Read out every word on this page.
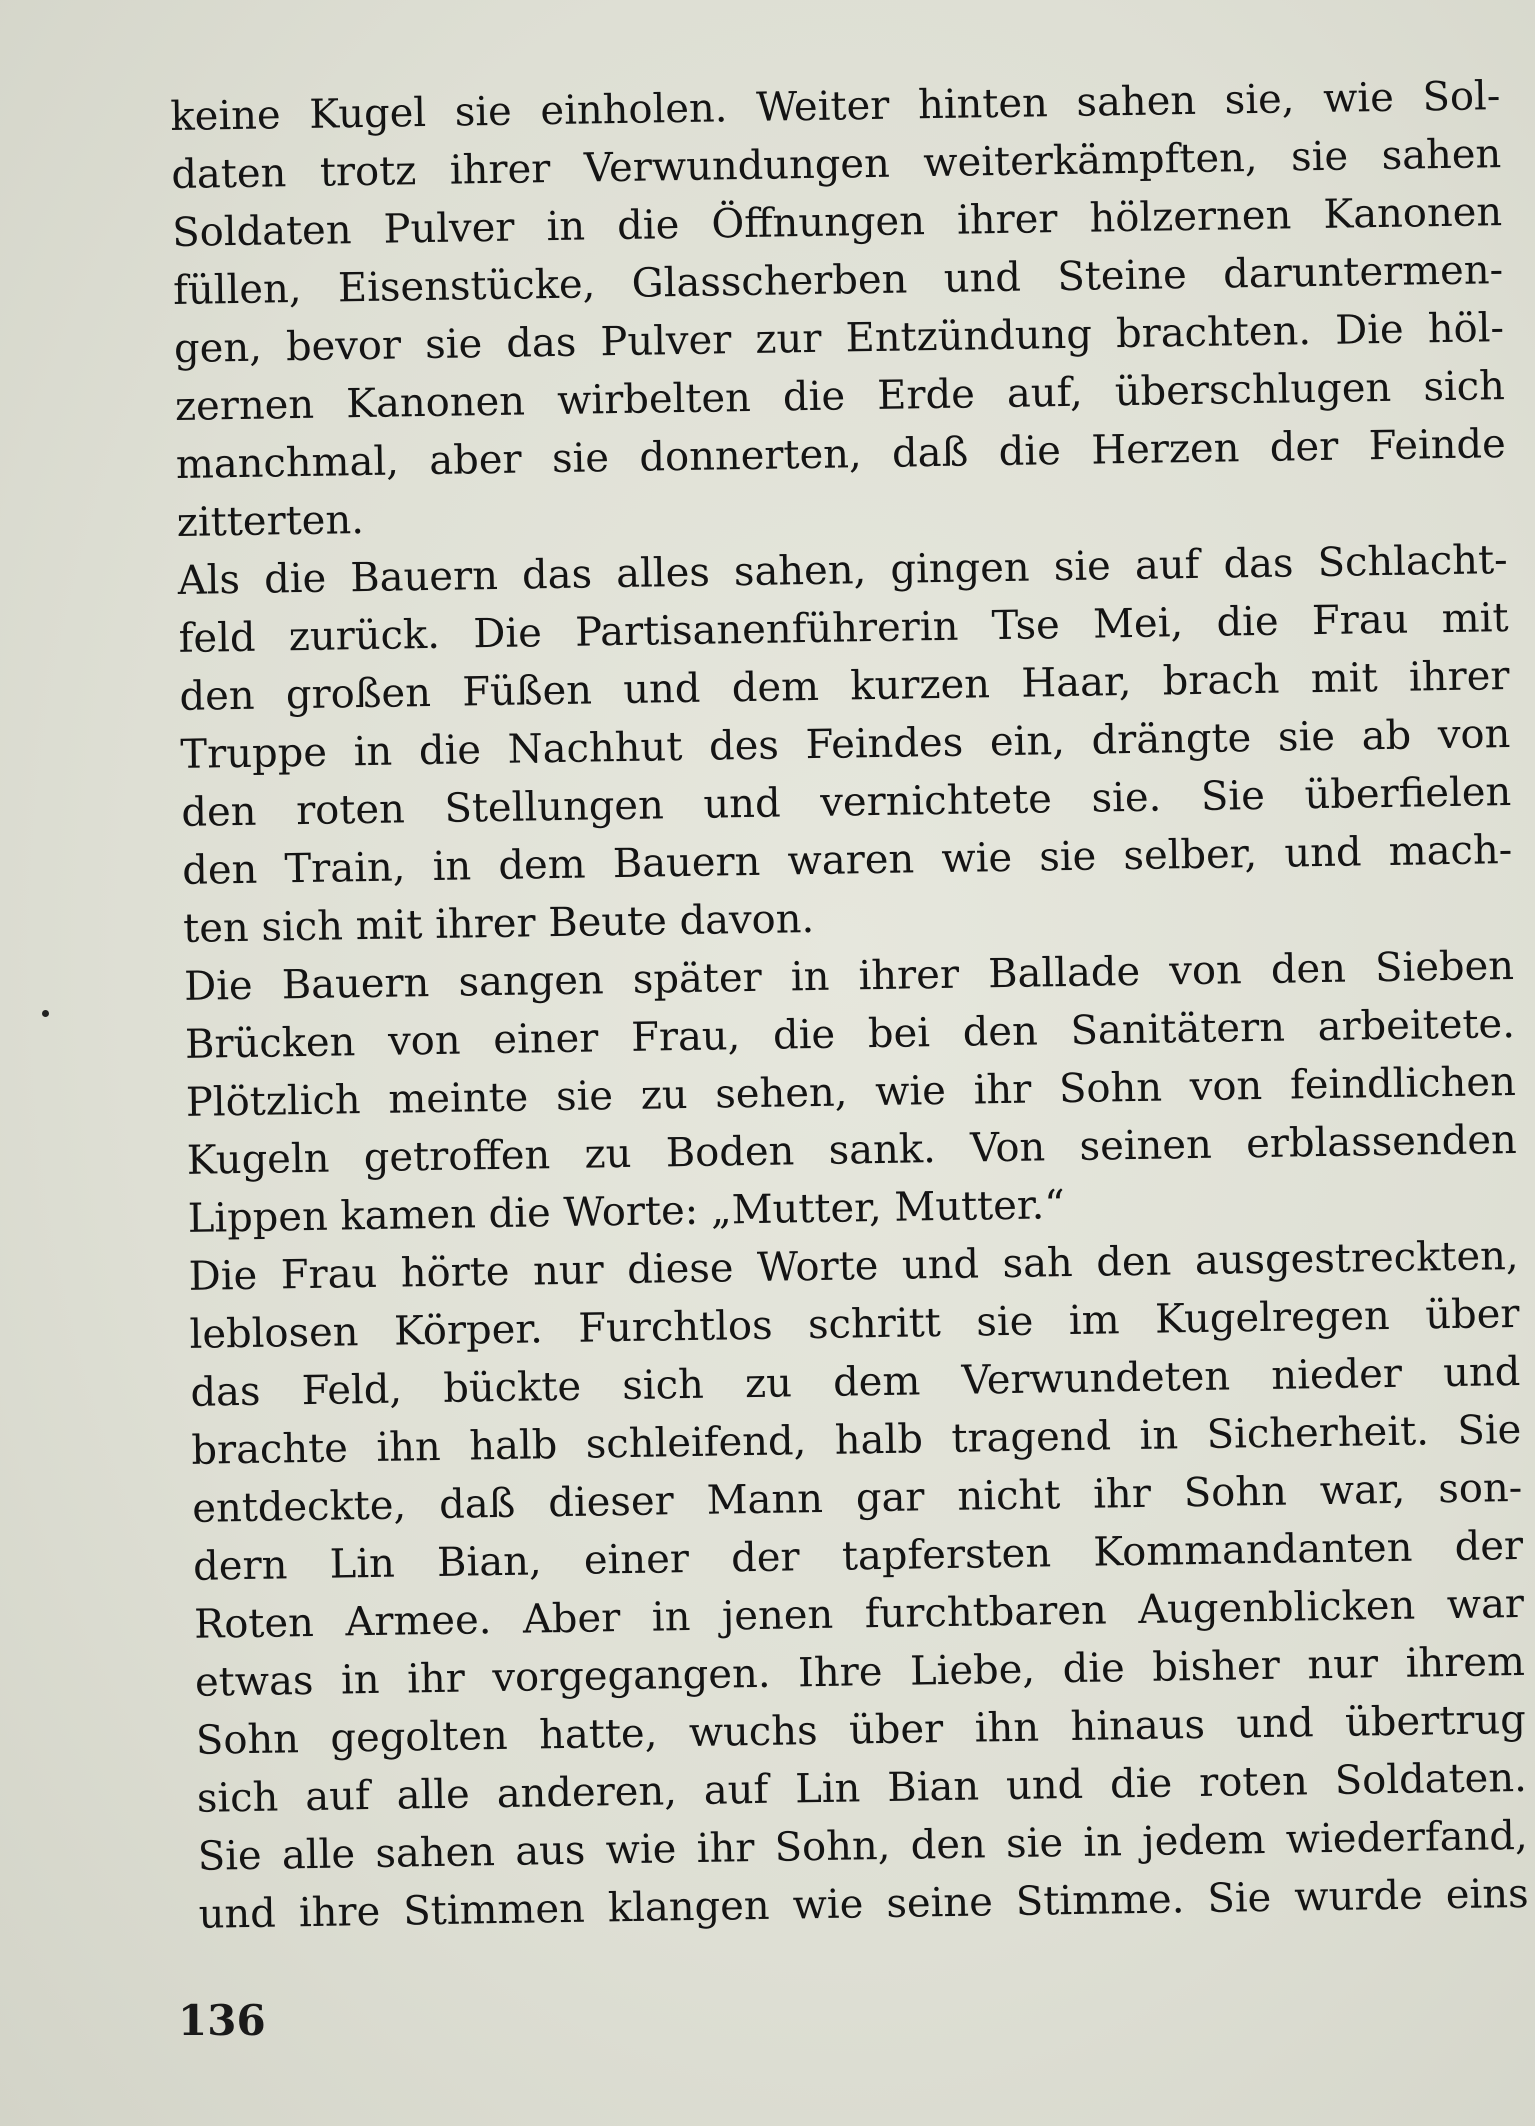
keine Kugel sie einholen. Weiter hinten sahen sie, wie Sol-
daten trotz ihrer Verwundungen weiterkämpften, sie sahen
Soldaten Pulver in die Öffnungen ihrer hölzernen Kanonen
füllen, Eisenstücke, Glasscherben und Steine daruntermen-
gen, bevor sie das Pulver zur Entzündung brachten. Die höl-
zernen Kanonen wirbelten die Erde auf, überschlugen sich
manchmal, aber sie donnerten, daß die Herzen der Feinde
zitterten.
Als die Bauern das alles sahen, gingen sie auf das Schlacht-
feld zurück. Die Partisanenführerin Tse Mei, die Frau mit
den großen Füßen und dem kurzen Haar, brach mit ihrer
Truppe in die Nachhut des Feindes ein, drängte sie ab von
den roten Stellungen und vernichtete sie. Sie überfielen
den Train, in dem Bauern waren wie sie selber, und mach-
ten sich mit ihrer Beute davon.
Die Bauern sangen später in ihrer Ballade von den Sieben
Brücken von einer Frau, die bei den Sanitätern arbeitete.
Plötzlich meinte sie zu sehen, wie ihr Sohn von feindlichen
Kugeln getroffen zu Boden sank. Von seinen erblassenden
Lippen kamen die Worte: „Mutter, Mutter.“
Die Frau hörte nur diese Worte und sah den ausgestreckten,
leblosen Körper. Furchtlos schritt sie im Kugelregen über
das Feld, bückte sich zu dem Verwundeten nieder und
brachte ihn halb schleifend, halb tragend in Sicherheit. Sie
entdeckte, daß dieser Mann gar nicht ihr Sohn war, son-
dern Lin Bian, einer der tapfersten Kommandanten der
Roten Armee. Aber in jenen furchtbaren Augenblicken war
etwas in ihr vorgegangen. Ihre Liebe, die bisher nur ihrem
Sohn gegolten hatte, wuchs über ihn hinaus und übertrug
sich auf alle anderen, auf Lin Bian und die roten Soldaten.
Sie alle sahen aus wie ihr Sohn, den sie in jedem wiederfand,
und ihre Stimmen klangen wie seine Stimme. Sie wurde eins
136
